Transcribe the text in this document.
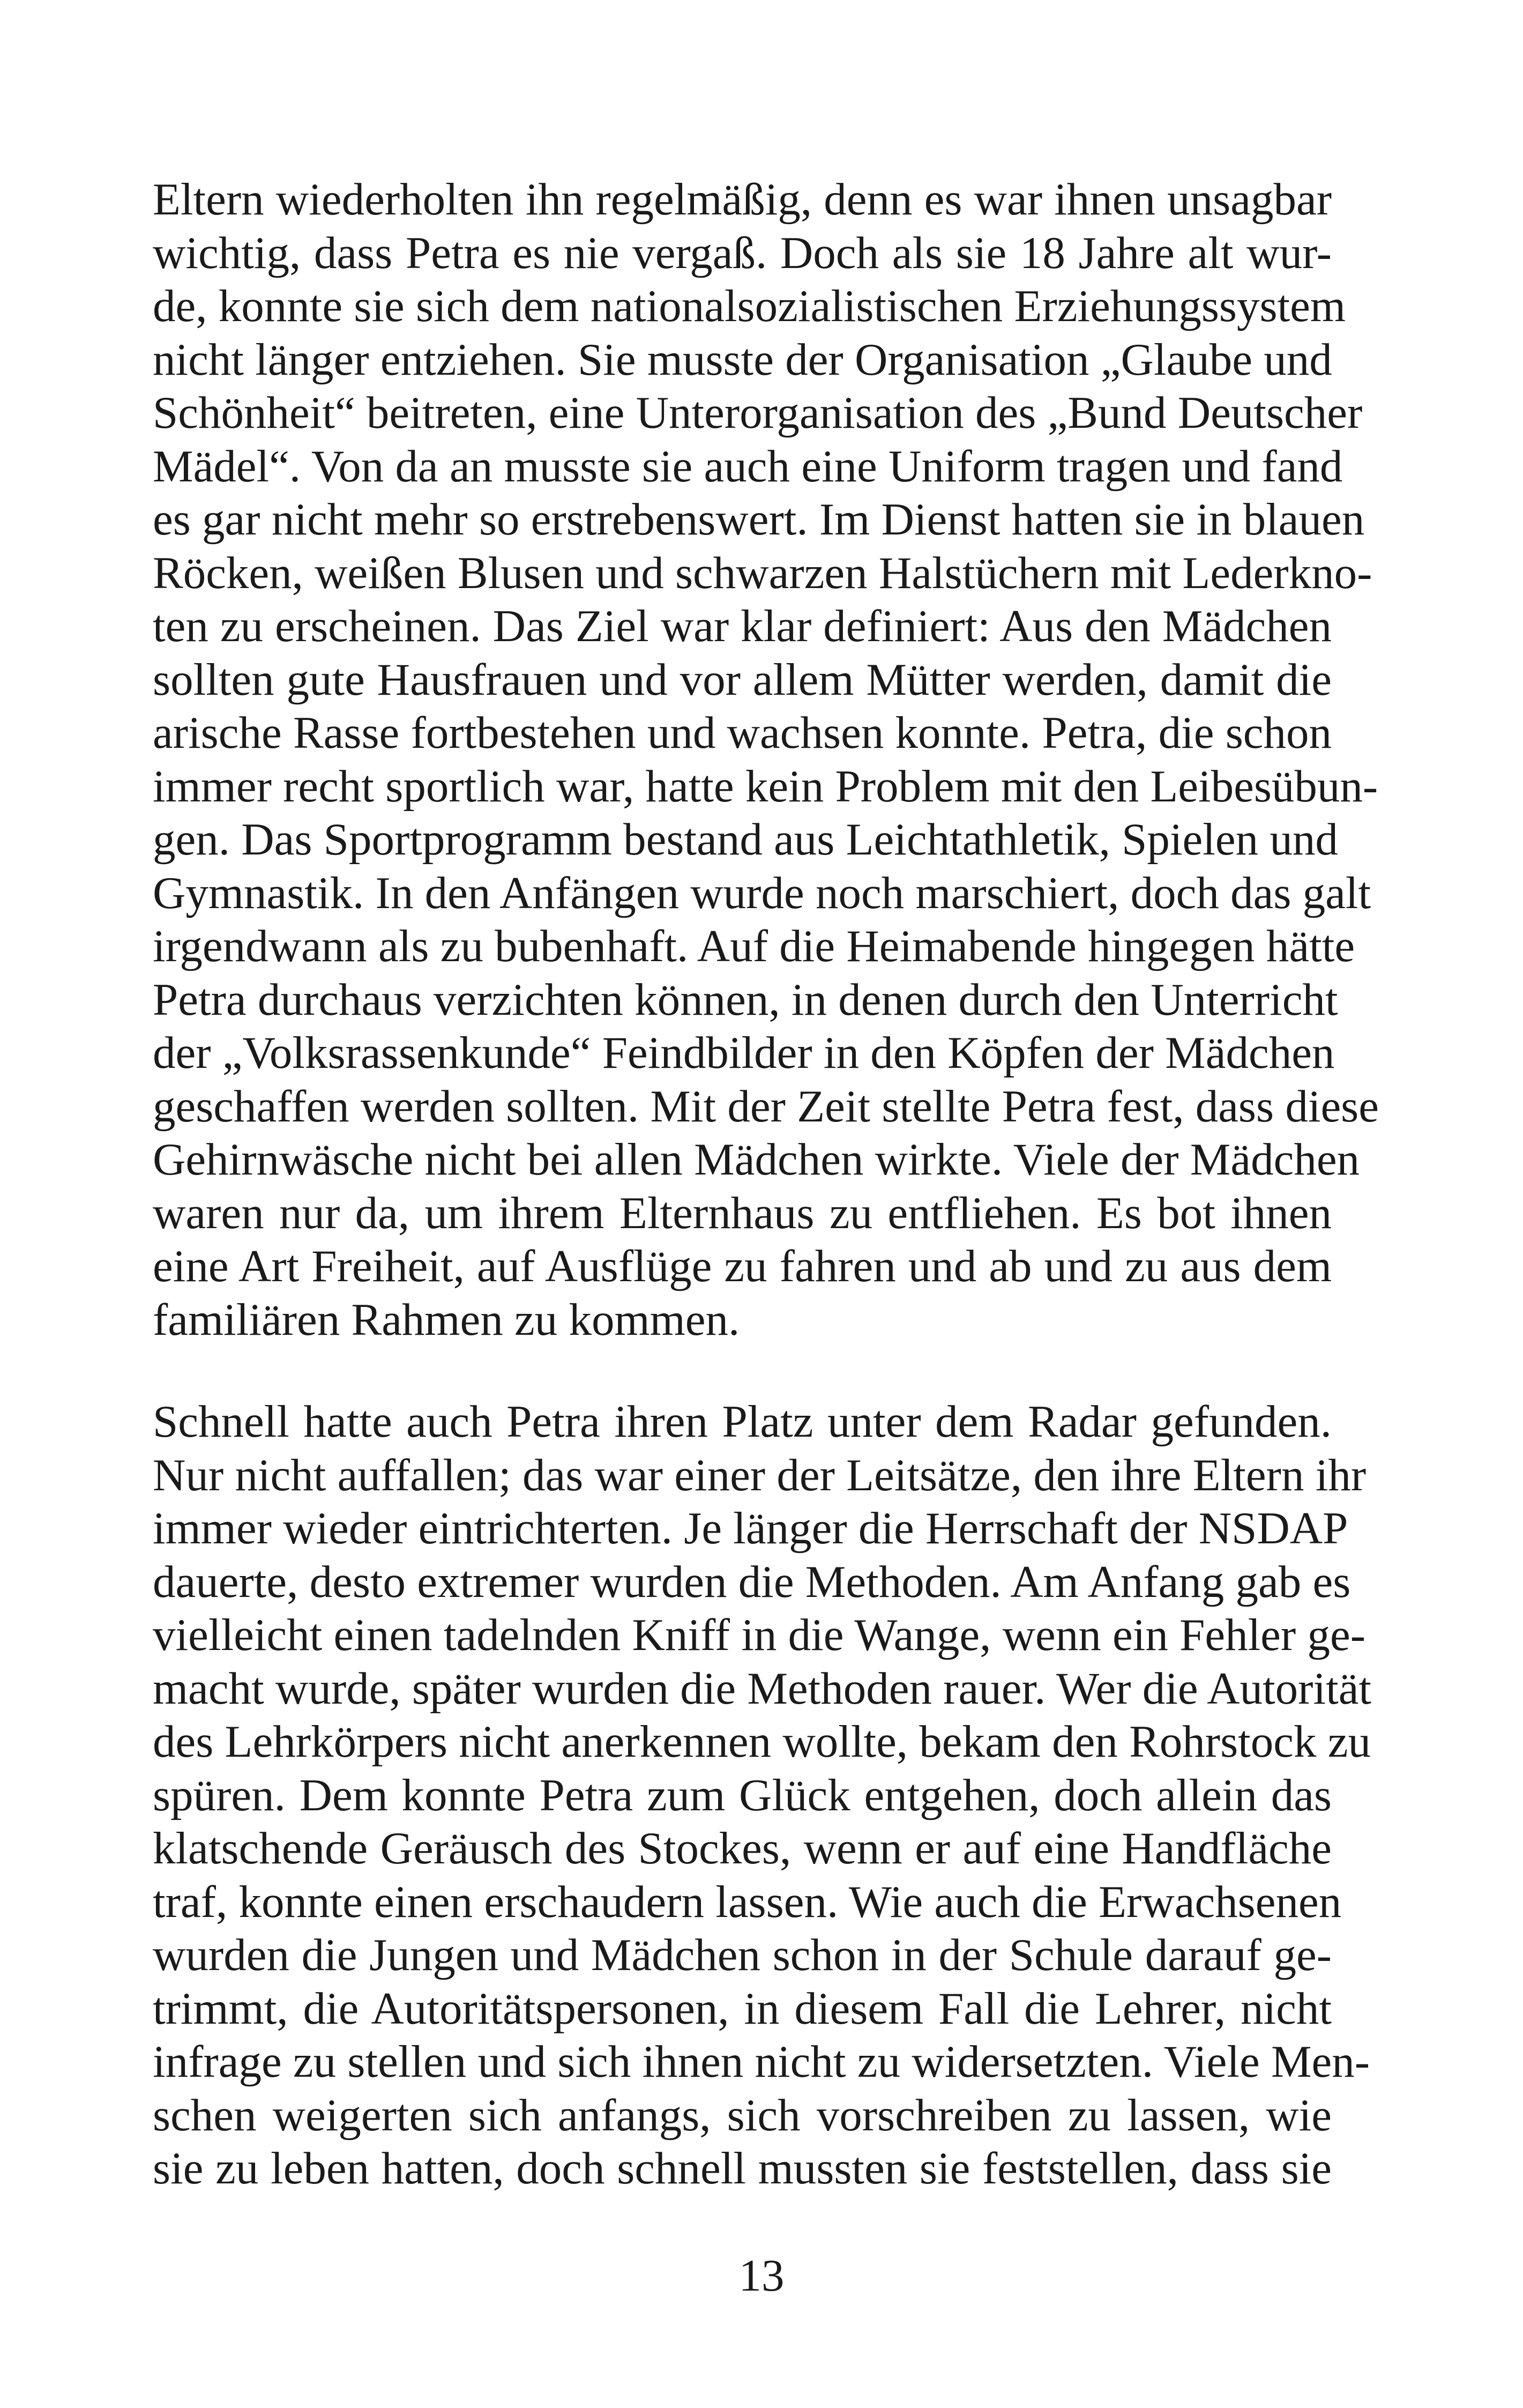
Eltern wiederholten ihn regelmäßig, denn es war ihnen unsagbar
wichtig, dass Petra es nie vergaß. Doch als sie 18 Jahre alt wur-
de, konnte sie sich dem nationalsozialistischen Erziehungssystem
nicht länger entziehen. Sie musste der Organisation „Glaube und
Schönheit“ beitreten, eine Unterorganisation des „Bund Deutscher
Mädel“. Von da an musste sie auch eine Uniform tragen und fand
es gar nicht mehr so erstrebenswert. Im Dienst hatten sie in blauen
Röcken, weißen Blusen und schwarzen Halstüchern mit Lederkno-
ten zu erscheinen. Das Ziel war klar definiert: Aus den Mädchen
sollten gute Hausfrauen und vor allem Mütter werden, damit die
arische Rasse fortbestehen und wachsen konnte. Petra, die schon
immer recht sportlich war, hatte kein Problem mit den Leibesübun-
gen. Das Sportprogramm bestand aus Leichtathletik, Spielen und
Gymnastik. In den Anfängen wurde noch marschiert, doch das galt
irgendwann als zu bubenhaft. Auf die Heimabende hingegen hätte
Petra durchaus verzichten können, in denen durch den Unterricht
der „Volksrassenkunde“ Feindbilder in den Köpfen der Mädchen
geschaffen werden sollten. Mit der Zeit stellte Petra fest, dass diese
Gehirnwäsche nicht bei allen Mädchen wirkte. Viele der Mädchen
waren nur da, um ihrem Elternhaus zu entfliehen. Es bot ihnen
eine Art Freiheit, auf Ausflüge zu fahren und ab und zu aus dem
familiären Rahmen zu kommen.
Schnell hatte auch Petra ihren Platz unter dem Radar gefunden.
Nur nicht auffallen; das war einer der Leitsätze, den ihre Eltern ihr
immer wieder eintrichterten. Je länger die Herrschaft der NSDAP
dauerte, desto extremer wurden die Methoden. Am Anfang gab es
vielleicht einen tadelnden Kniff in die Wange, wenn ein Fehler ge-
macht wurde, später wurden die Methoden rauer. Wer die Autorität
des Lehrkörpers nicht anerkennen wollte, bekam den Rohrstock zu
spüren. Dem konnte Petra zum Glück entgehen, doch allein das
klatschende Geräusch des Stockes, wenn er auf eine Handfläche
traf, konnte einen erschaudern lassen. Wie auch die Erwachsenen
wurden die Jungen und Mädchen schon in der Schule darauf ge-
trimmt, die Autoritätspersonen, in diesem Fall die Lehrer, nicht
infrage zu stellen und sich ihnen nicht zu widersetzten. Viele Men-
schen weigerten sich anfangs, sich vorschreiben zu lassen, wie
sie zu leben hatten, doch schnell mussten sie feststellen, dass sie
13
